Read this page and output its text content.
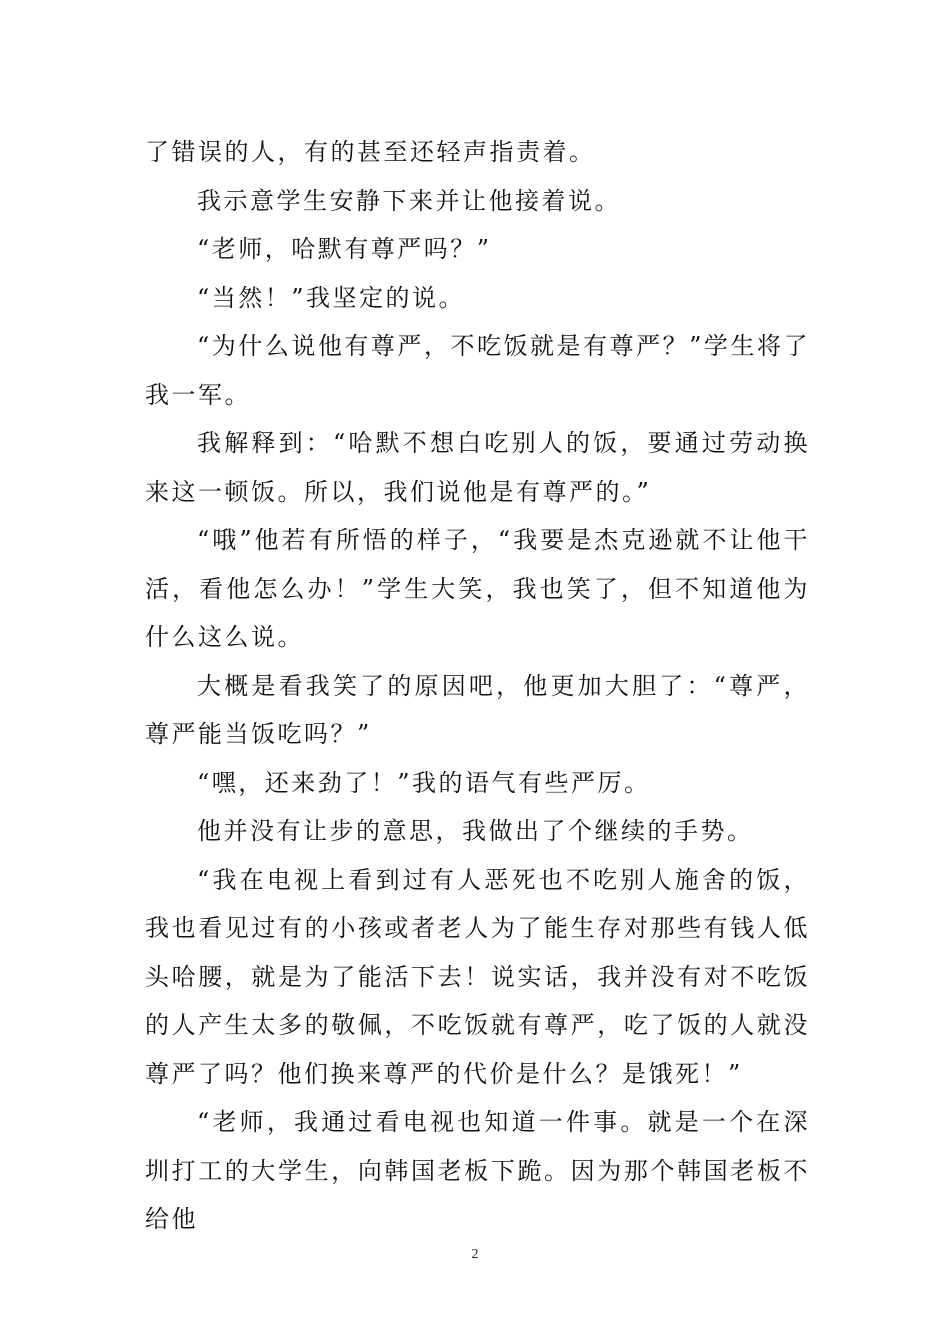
了错误的人，有的甚至还轻声指责着。

我示意学生安静下来并让他接着说。

“老师，哈默有尊严吗？”

“当然！”我坚定的说。

“为什么说他有尊严，不吃饭就是有尊严？”学生将了我一军。

我解释到：“哈默不想白吃别人的饭，要通过劳动换来这一顿饭。所以，我们说他是有尊严的。”

“哦”他若有所悟的样子，“我要是杰克逊就不让他干活，看他怎么办！”学生大笑，我也笑了，但不知道他为什么这么说。

大概是看我笑了的原因吧，他更加大胆了：“尊严，尊严能当饭吃吗？”

“嘿，还来劲了！”我的语气有些严厉。

他并没有让步的意思，我做出了个继续的手势。

“我在电视上看到过有人恶死也不吃别人施舍的饭，我也看见过有的小孩或者老人为了能生存对那些有钱人低头哈腰，就是为了能活下去！说实话，我并没有对不吃饭的人产生太多的敬佩，不吃饭就有尊严，吃了饭的人就没尊严了吗？他们换来尊严的代价是什么？是饿死！”

“老师，我通过看电视也知道一件事。就是一个在深圳打工的大学生，向韩国老板下跪。因为那个韩国老板不给他

2
